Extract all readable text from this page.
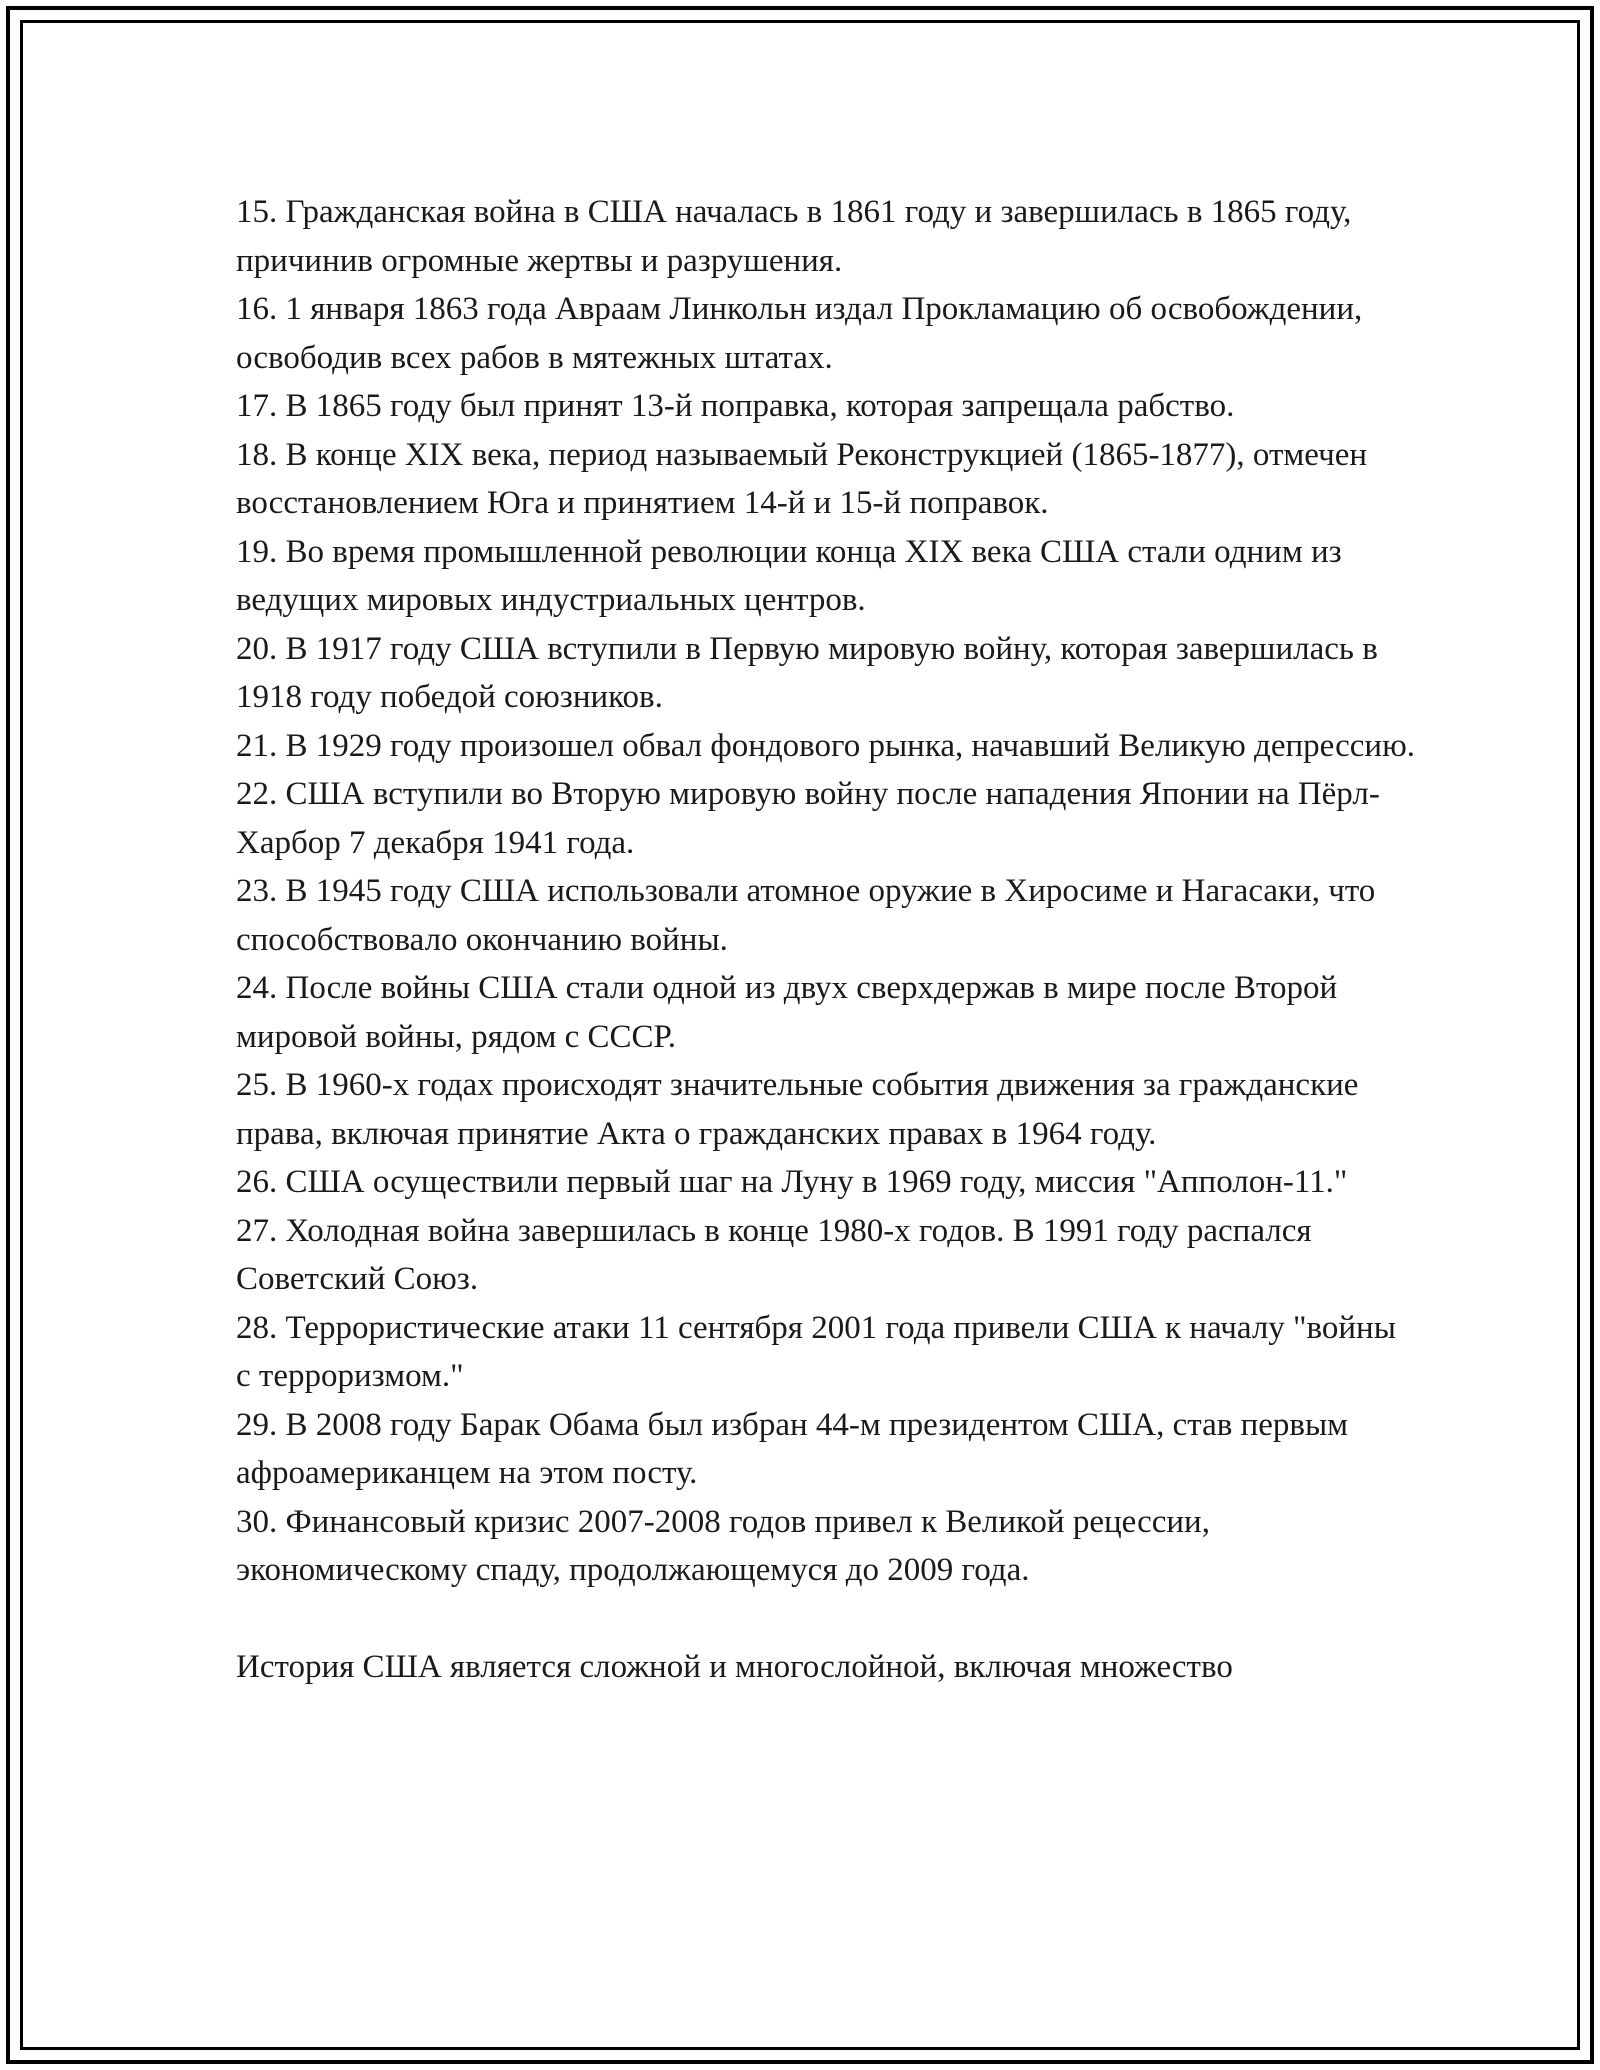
15. Гражданская война в США началась в 1861 году и завершилась в 1865 году, причинив огромные жертвы и разрушения.

16. 1 января 1863 года Авраам Линкольн издал Прокламацию об освобождении, освободив всех рабов в мятежных штатах.

17. В 1865 году был принят 13-й поправка, которая запрещала рабство.

18. В конце XIX века, период называемый Реконструкцией (1865-1877), отмечен восстановлением Юга и принятием 14-й и 15-й поправок.

19. Во время промышленной революции конца XIX века США стали одним из ведущих мировых индустриальных центров.

20. В 1917 году США вступили в Первую мировую войну, которая завершилась в 1918 году победой союзников.

21. В 1929 году произошел обвал фондового рынка, начавший Великую депрессию.

22. США вступили во Вторую мировую войну после нападения Японии на Пёрл-Харбор 7 декабря 1941 года.

23. В 1945 году США использовали атомное оружие в Хиросиме и Нагасаки, что способствовало окончанию войны.

24. После войны США стали одной из двух сверхдержав в мире после Второй мировой войны, рядом с СССР.

25. В 1960-х годах происходят значительные события движения за гражданские права, включая принятие Акта о гражданских правах в 1964 году.

26. США осуществили первый шаг на Луну в 1969 году, миссия "Апполон-11."

27. Холодная война завершилась в конце 1980-х годов. В 1991 году распался Советский Союз.

28. Террористические атаки 11 сентября 2001 года привели США к началу "войны с терроризмом."

29. В 2008 году Барак Обама был избран 44-м президентом США, став первым афроамериканцем на этом посту.

30. Финансовый кризис 2007-2008 годов привел к Великой рецессии, экономическому спаду, продолжающемуся до 2009 года.

История США является сложной и многослойной, включая множество
